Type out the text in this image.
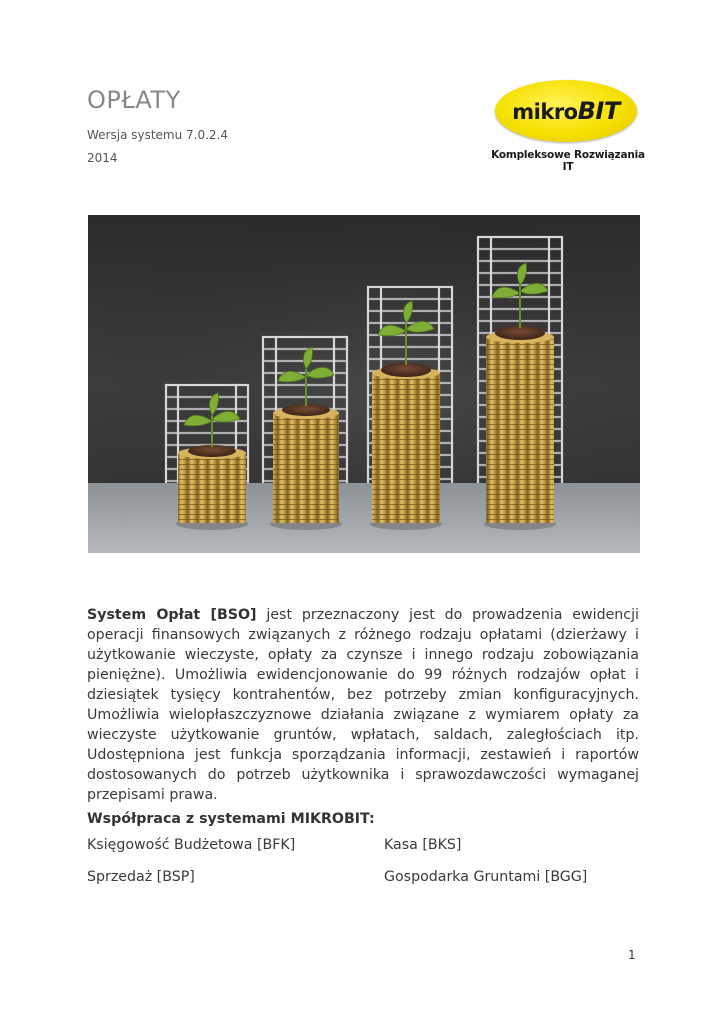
OPŁATY
Wersja systemu 7.0.2.4
2014
mikroBIT
Kompleksowe Rozwiązania IT
System Opłat [BSO] jest przeznaczony jest do prowadzenia ewidencji operacji finansowych związanych z różnego rodzaju opłatami (dzierżawy i użytkowanie wieczyste, opłaty za czynsze i innego rodzaju zobowiązania pieniężne). Umożliwia ewidencjonowanie do 99 różnych rodzajów opłat i dziesiątek tysięcy kontrahentów, bez potrzeby zmian konfiguracyjnych. Umożliwia wielopłaszczyznowe działania związane z wymiarem opłaty za wieczyste użytkowanie gruntów, wpłatach, saldach, zaległościach itp. Udostępniona jest funkcja sporządzania informacji, zestawień i raportów dostosowanych do potrzeb użytkownika i sprawozdawczości wymaganej przepisami prawa.
Współpraca z systemami MIKROBIT:
Księgowość Budżetowa [BFK]	Kasa [BKS]
Sprzedaż [BSP]	Gospodarka Gruntami [BGG]
1
